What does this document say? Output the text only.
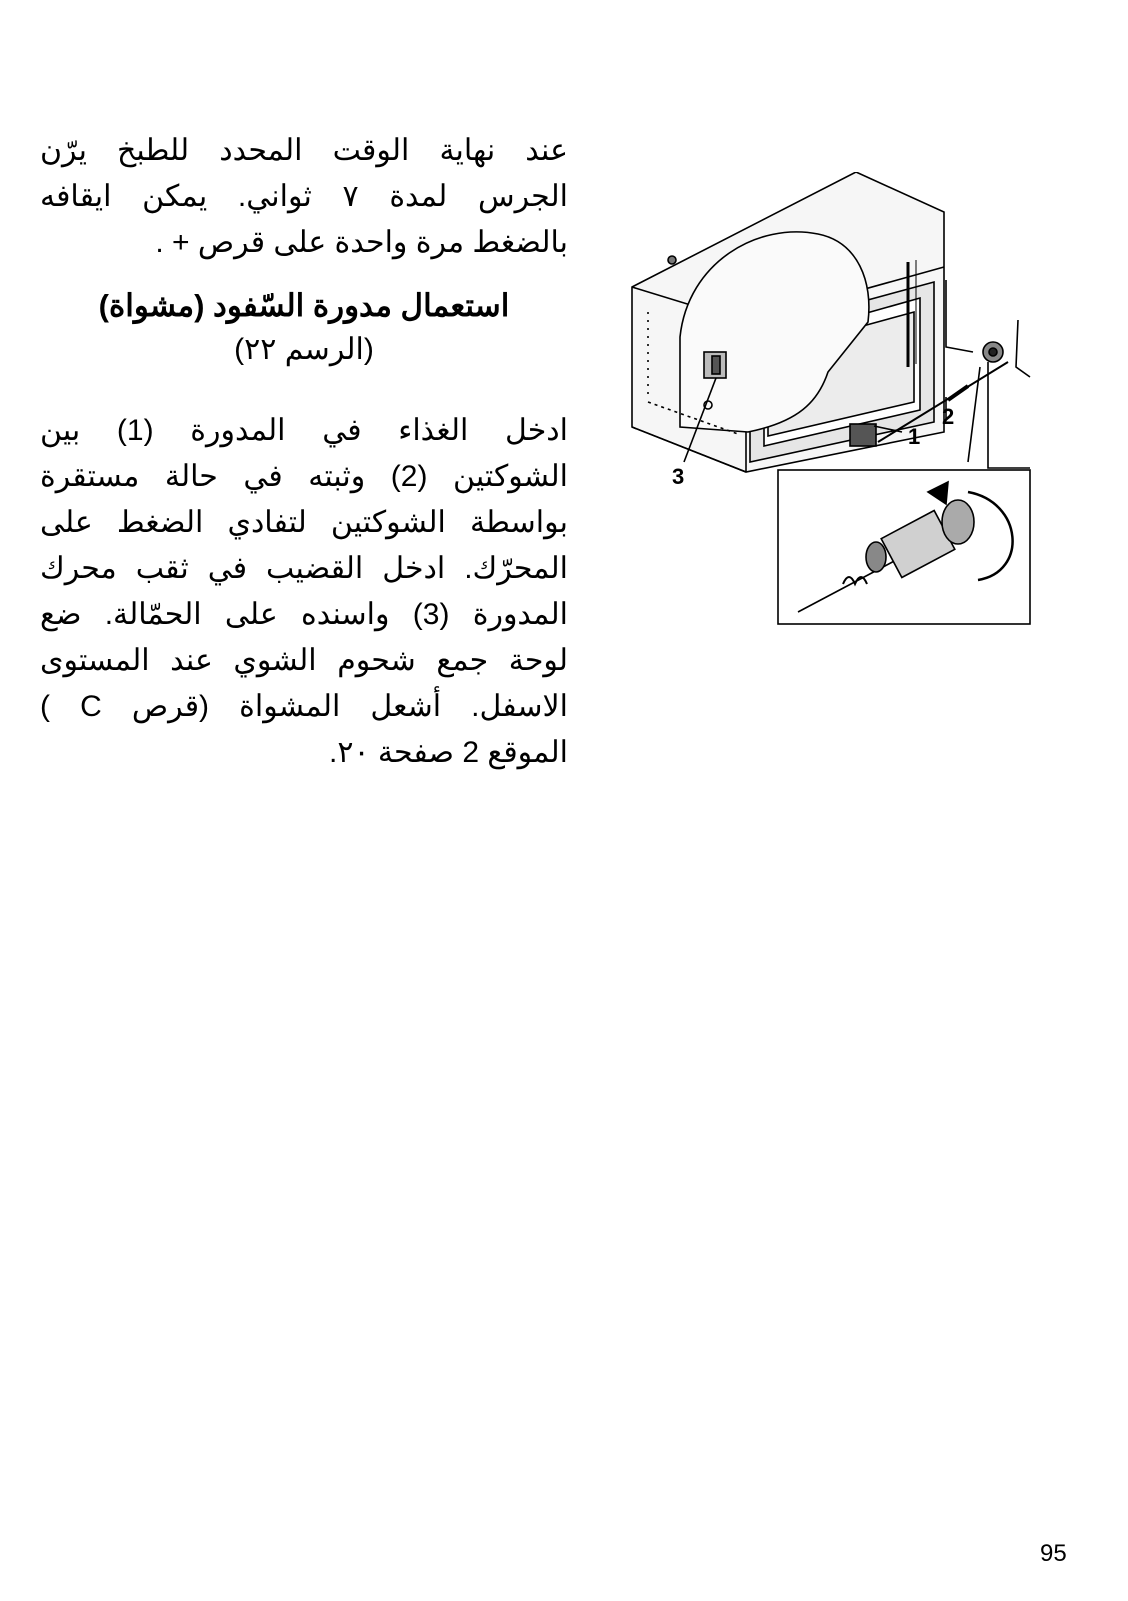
عند نهاية الوقت المحدد للطبخ يرّن
الجرس لمدة ٧ ثواني. يمكن ايقافه
بالضغط مرة واحدة على قرص + .

استعمال مدورة السّفود (مشواة)
(الرسم ٢٢)

ادخل الغذاء في المدورة (1) بين
الشوكتين (2) وثبته في حالة مستقرة
بواسطة الشوكتين لتفادي الضغط على
المحرّك. ادخل القضيب في ثقب محرك
المدورة (3) واسنده على الحمّالة. ضع
لوحة جمع شحوم الشوي عند المستوى
الاسفل. أشعل المشواة (قرص C )
الموقع 2 صفحة ٢٠.

1
2
3
95
